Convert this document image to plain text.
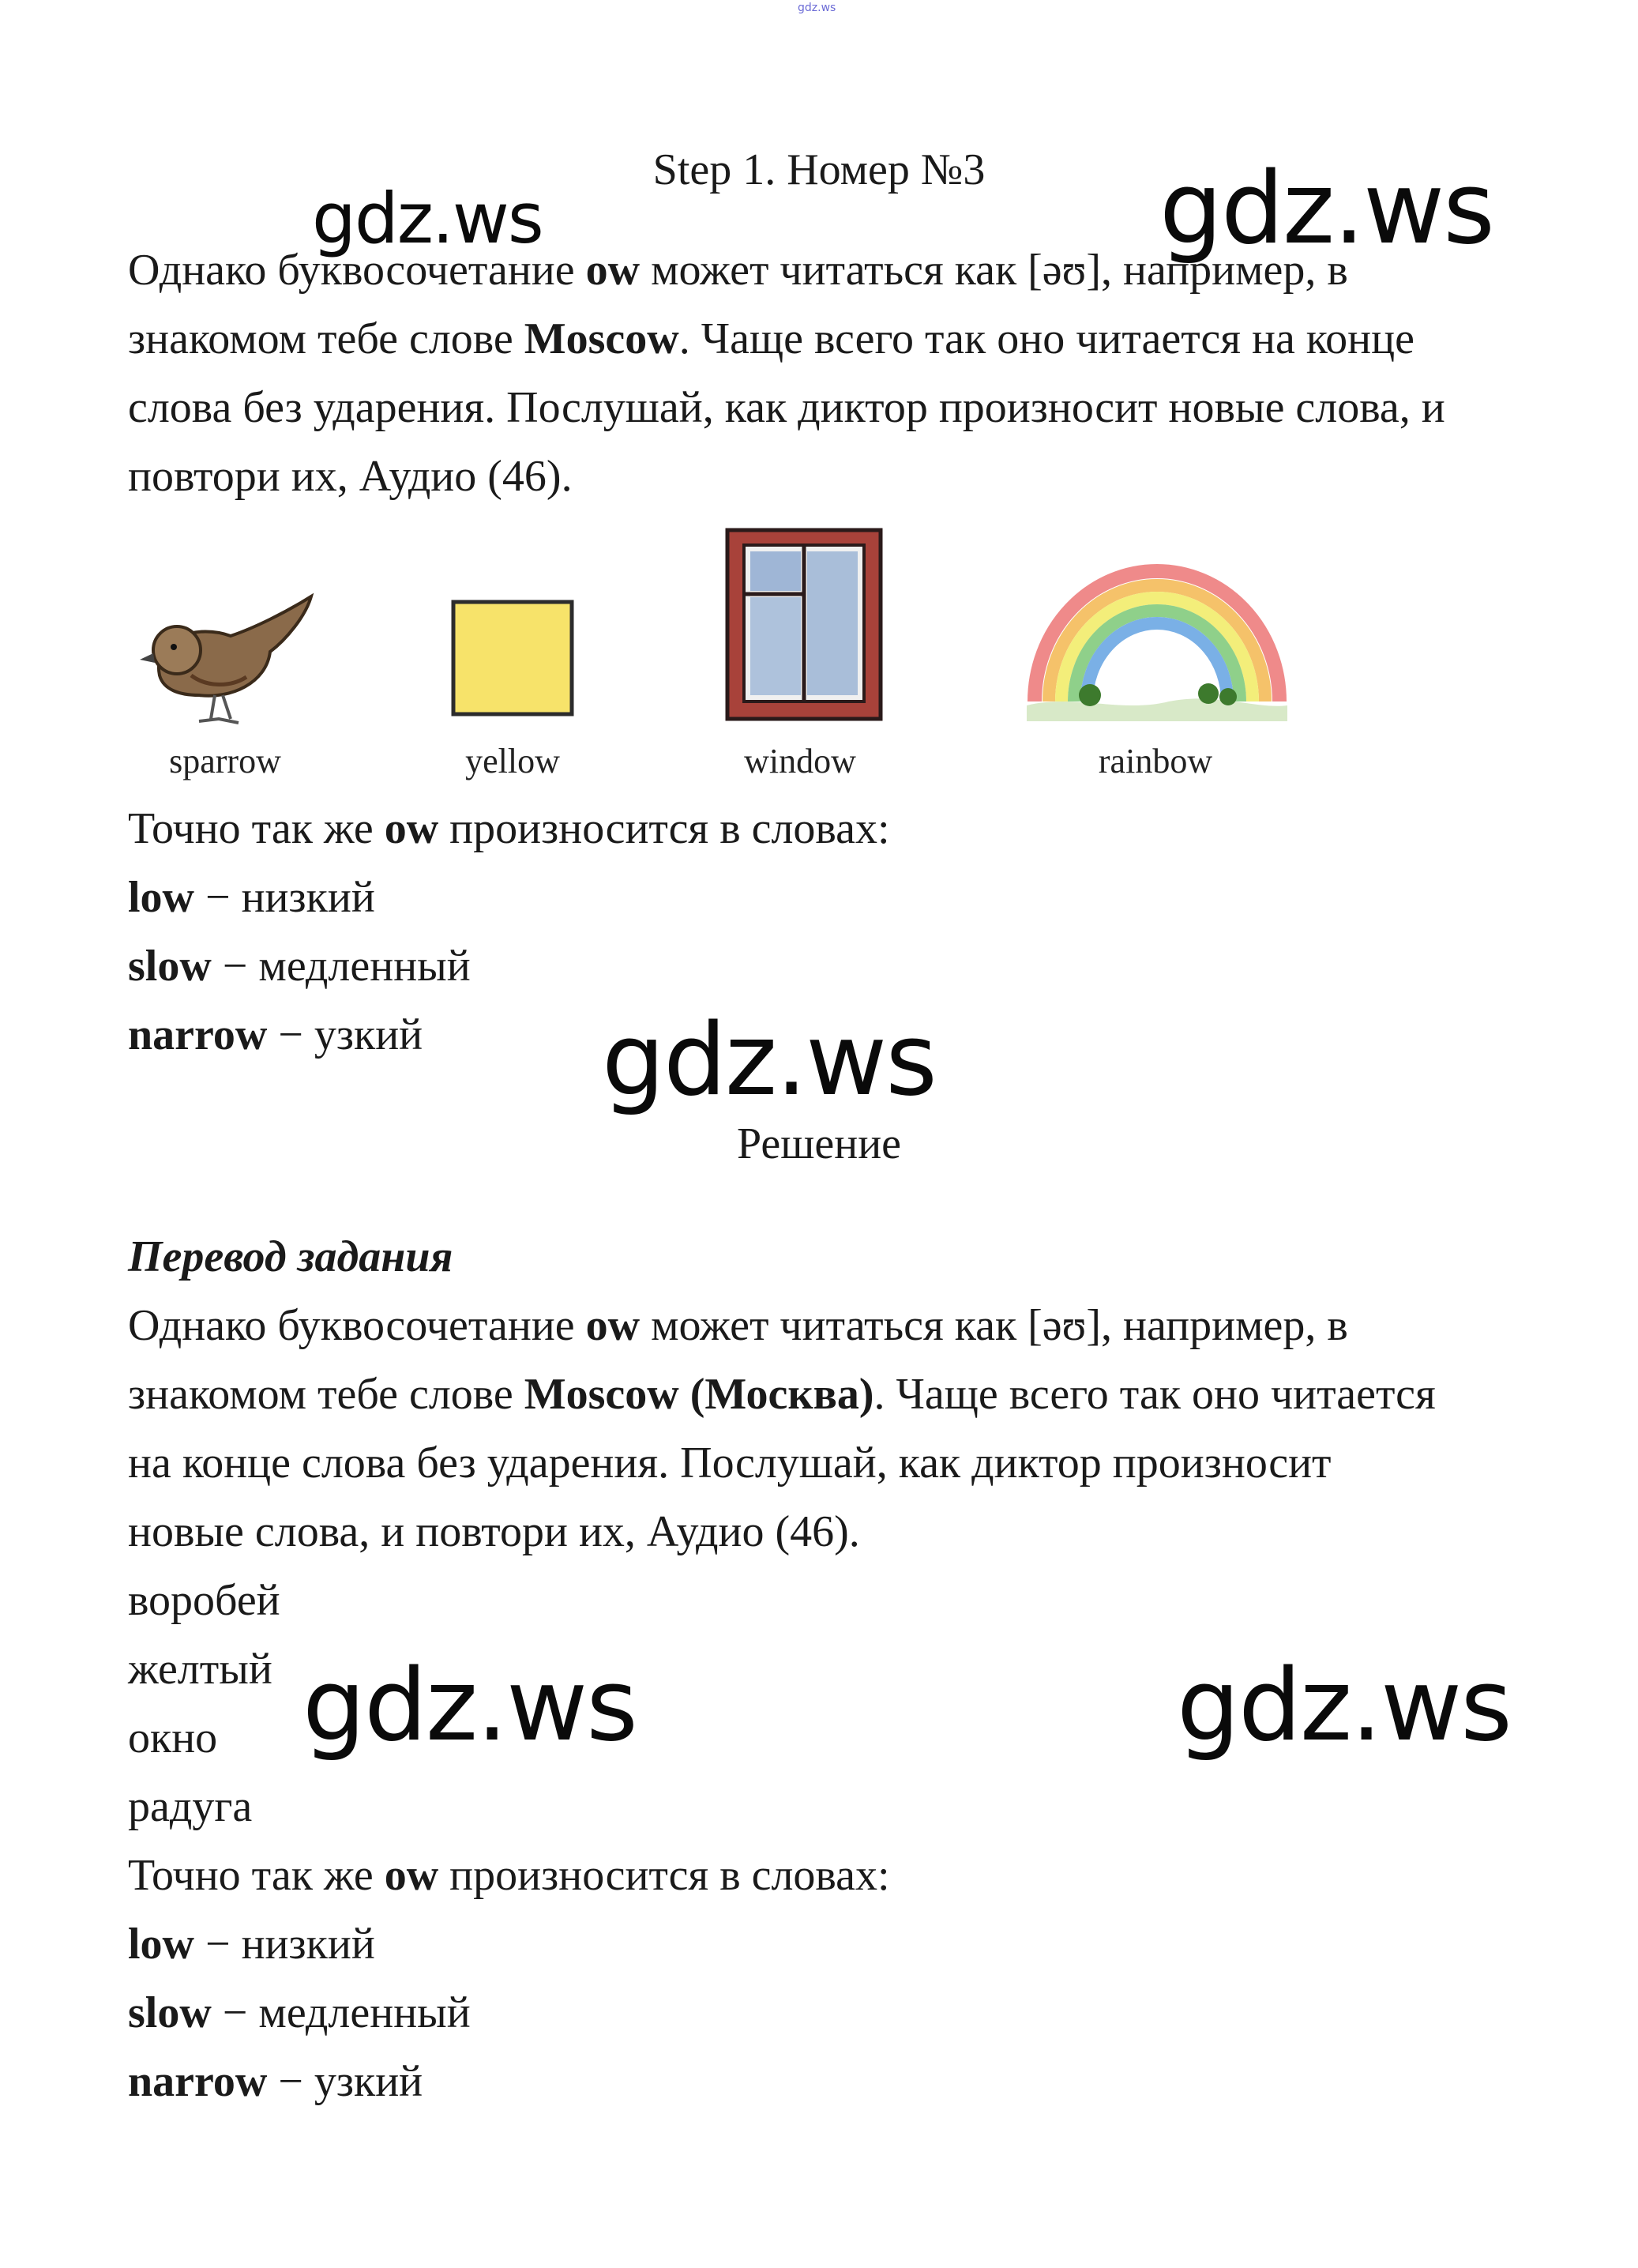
gdz.ws
Step 1. Номер №3

Однако буквосочетание ow может читаться как [əʊ], например, в

знакомом тебе слове Moscow. Чаще всего так оно читается на конце

слова без ударения. Послушай, как диктор произносит новые слова, и

повтори их, Аудио (46).

sparrow	yellow	window	rainbow

Точно так же ow произносится в словах:

low − низкий

slow − медленный

narrow − узкий

Решение

Перевод задания

Однако буквосочетание ow может читаться как [əʊ], например, в

знакомом тебе слове Moscow (Москва). Чаще всего так оно читается

на конце слова без ударения. Послушай, как диктор произносит

новые слова, и повтори их, Аудио (46).

воробей

желтый

окно

радуга

Точно так же ow произносится в словах:

low − низкий

slow − медленный

narrow − узкий

gdz.ws	gdz.ws
gdz.ws
gdz.ws	gdz.ws
